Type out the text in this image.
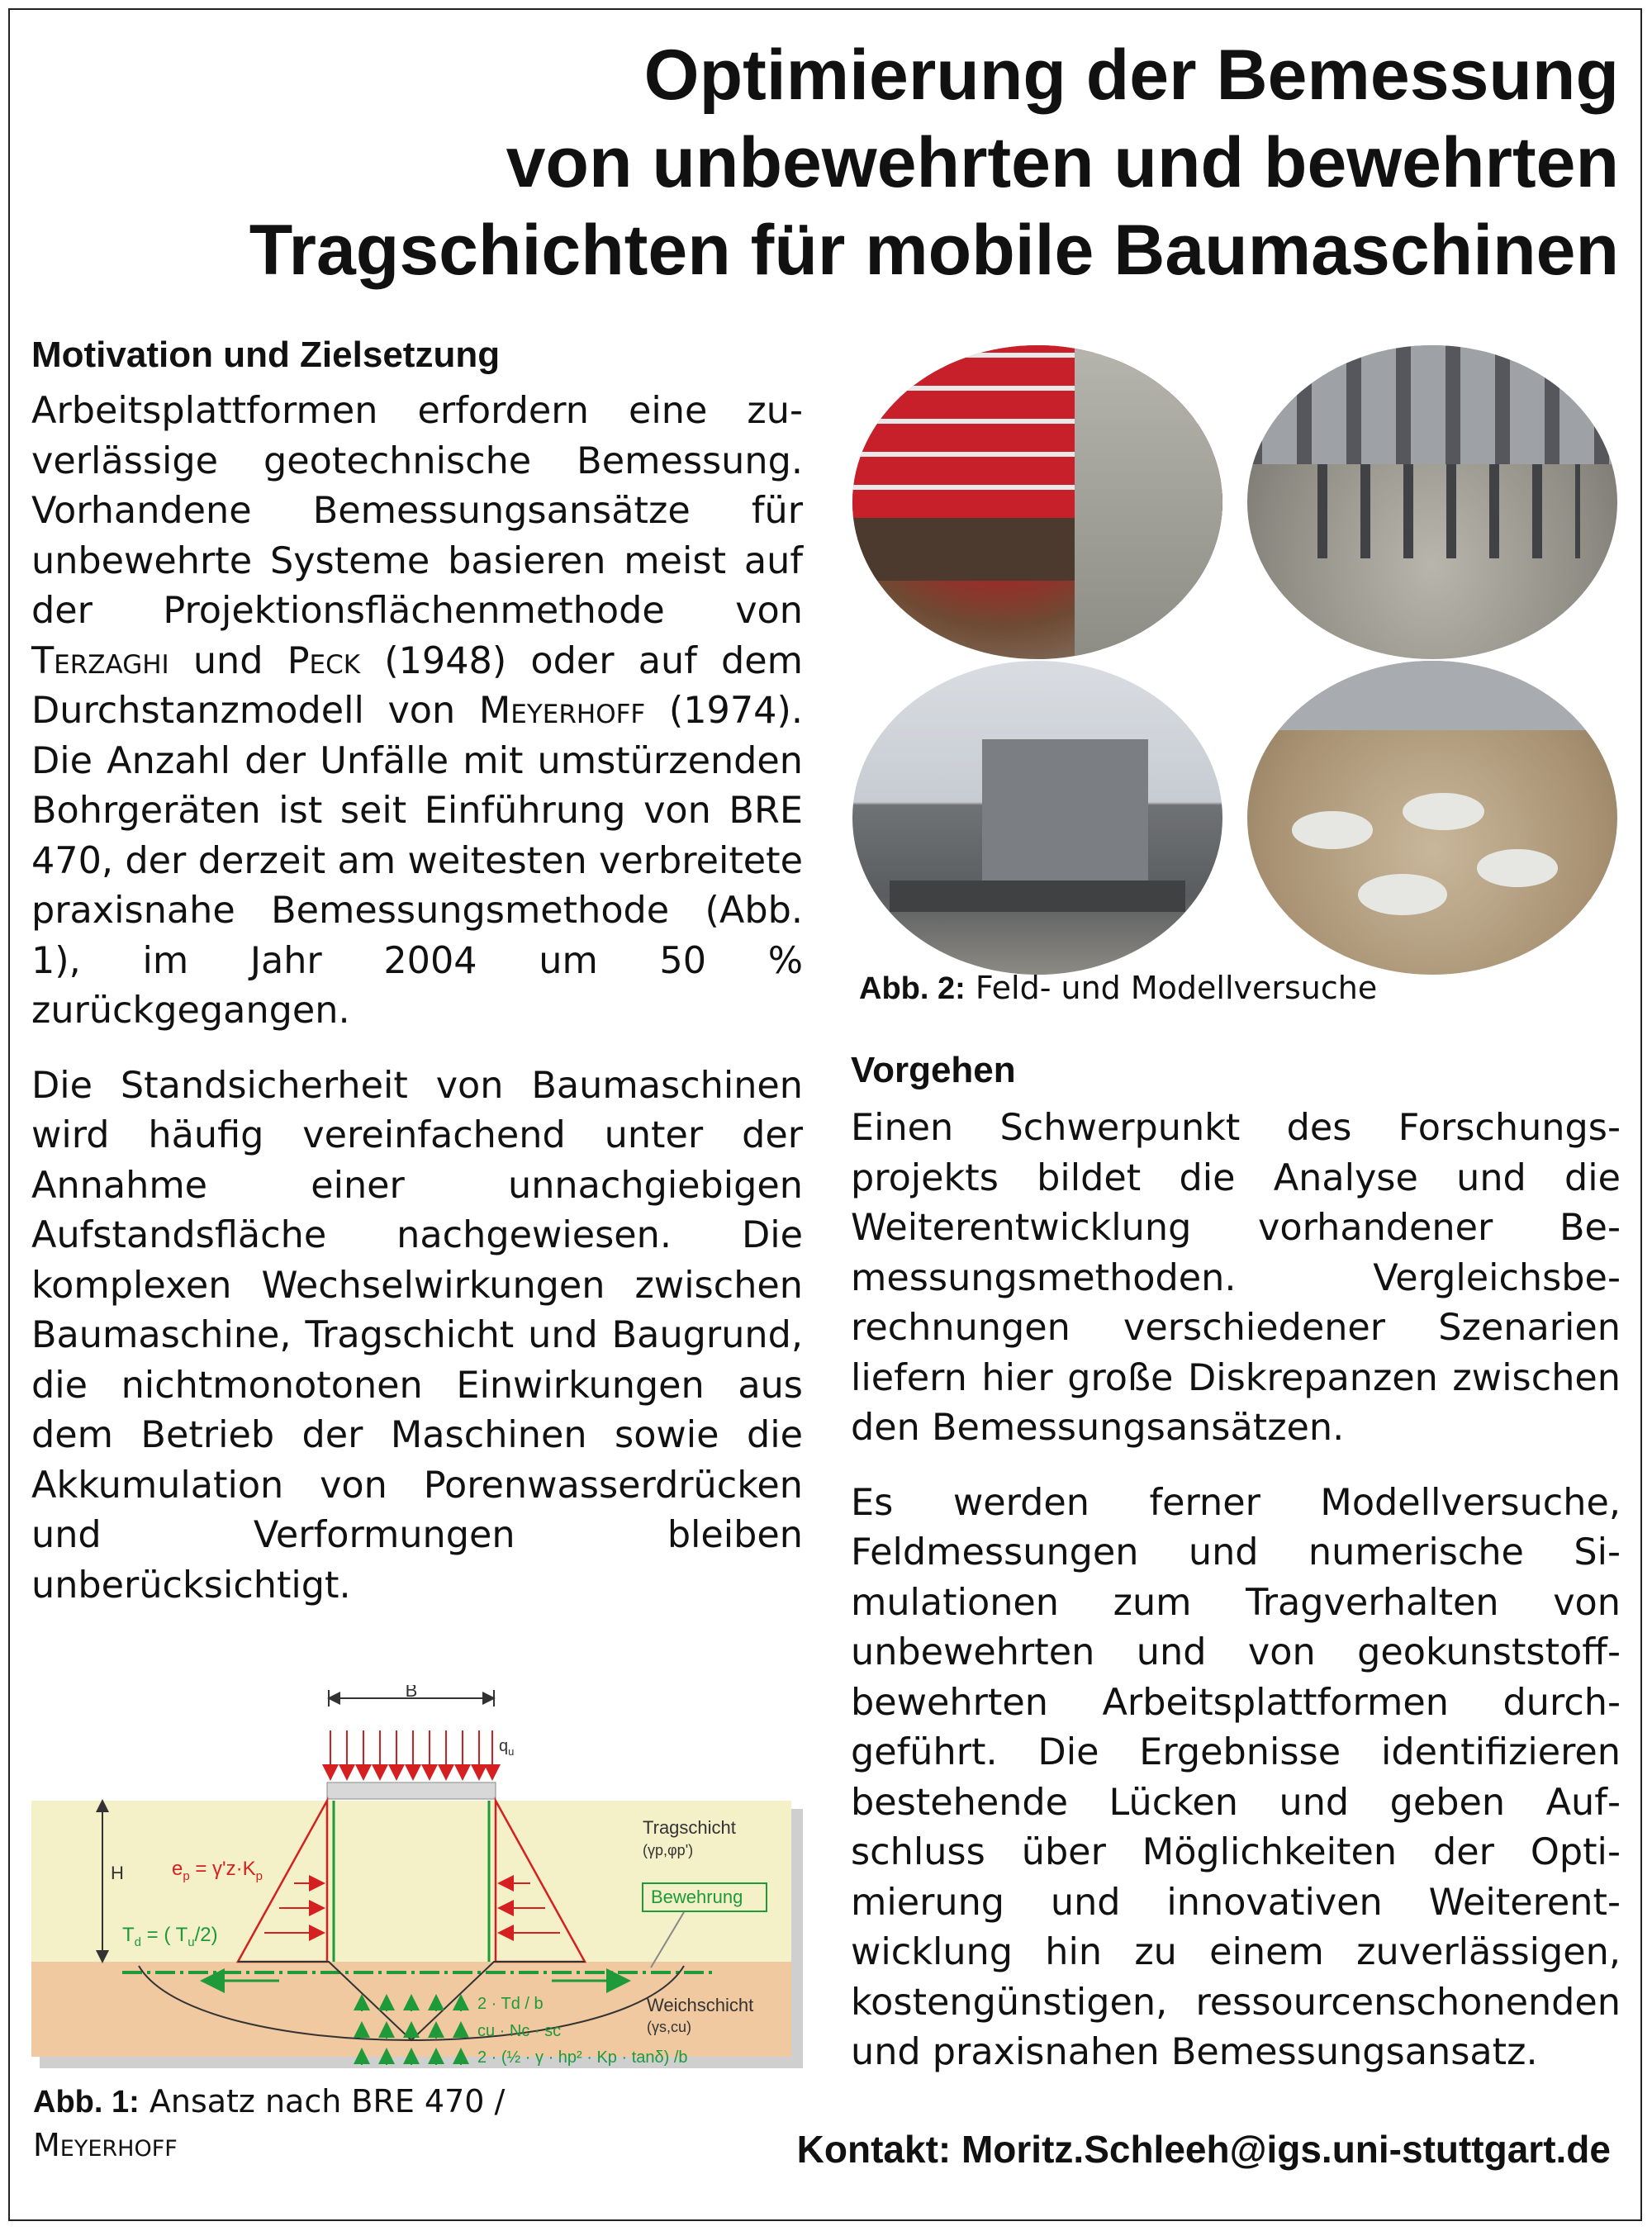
Optimierung der Bemessung
von unbewehrten und bewehrten
Tragschichten für mobile Baumaschinen
Motivation und Zielsetzung

Arbeitsplattformen erfordern eine zuverlässige geotechnische Bemessung. Vorhandene Bemessungsansätze für unbewehrte Systeme basieren meist auf der Projektionsflächenmethode von Terzaghi und Peck (1948) oder auf dem Durchstanzmodell von Meyerhoff (1974). Die Anzahl der Unfälle mit umstürzenden Bohrgeräten ist seit Einführung von BRE 470, der derzeit am weitesten verbreitete praxisnahe Bemessungsmethode (Abb. 1), im Jahr 2004 um 50 % zurückgegangen.

Die Standsicherheit von Baumaschinen wird häufig vereinfachend unter der Annahme einer unnachgiebigen Aufstandsfläche nachgewiesen. Die komplexen Wechselwirkungen zwischen Baumaschine, Tragschicht und Baugrund, die nichtmonotonen Einwirkungen aus dem Betrieb der Maschinen sowie die Akkumulation von Porenwasserdrücken und Verformungen bleiben unberücksichtigt.

B
$q_u$
H $e_p = \gamma'z\cdot K_p$
$T_d$ = ( $T_u/2$)
Tragschicht
(γp,φp')
Bewehrung
Weichschicht
(γs,cu)
2 · Td / b
cu · Nc · sc
2 · (½ · γ · hp² · Kp · tanδ) /b
Abb. 1: Ansatz nach BRE 470 /
Meyerhoff
Abb. 2: Feld- und Modellversuche
Vorgehen

Einen Schwerpunkt des Forschungsprojekts bildet die Analyse und die Weiterentwicklung vorhandener Bemessungsmethoden. Vergleichsberechnungen verschiedener Szenarien liefern hier große Diskrepanzen zwischen den Bemessungsansätzen.

Es werden ferner Modellversuche, Feldmessungen und numerische Simulationen zum Tragverhalten von unbewehrten und von geokunststoffbewehrten Arbeitsplattformen durchgeführt. Die Ergebnisse identifizieren bestehende Lücken und geben Aufschluss über Möglichkeiten der Optimierung und innovativen Weiterentwicklung hin zu einem zuverlässigen, kostengünstigen, ressourcenschonenden und praxisnahen Bemessungsansatz.

Kontakt: Moritz.Schleeh@igs.uni-stuttgart.de
